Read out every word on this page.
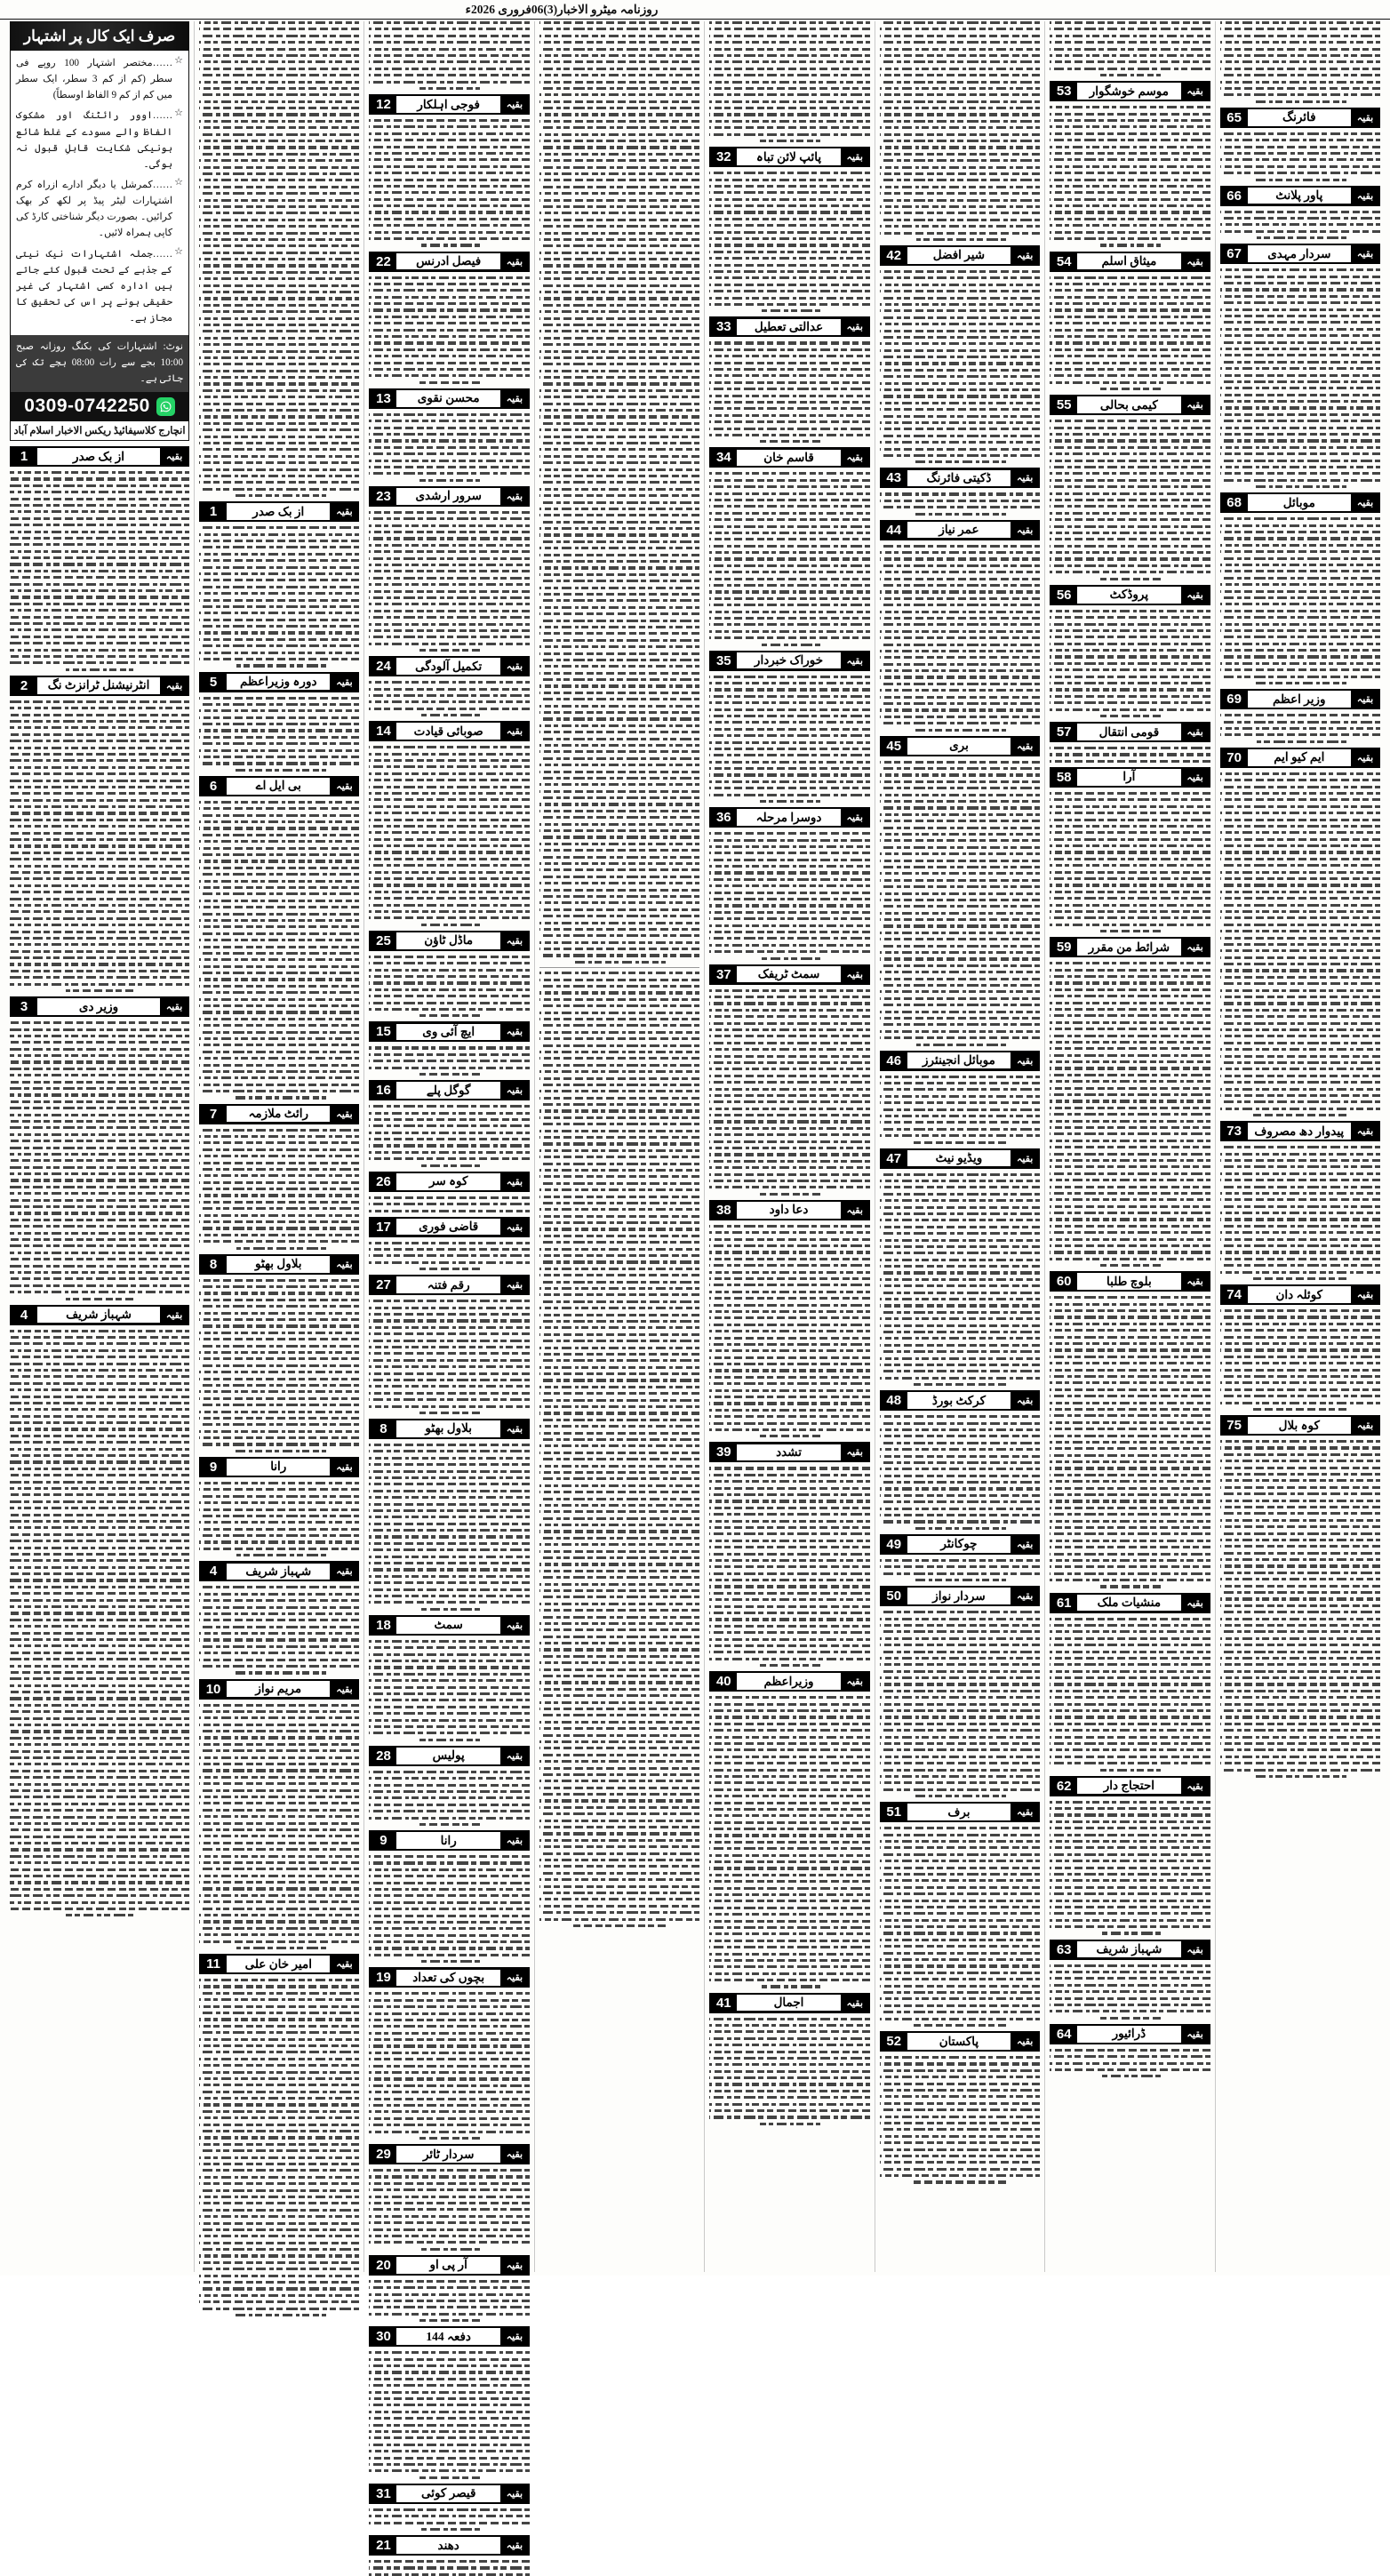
روزنامہ میٹرو الاخبار(3)06فروری 2026ء
بقیہ
فائرنگ
65
بقیہ
پاور پلانٹ
66
بقیہ
سردار مہدی
67
بقیہ
موبائل
68
بقیہ
وزیر اعظم
69
بقیہ
ایم کیو ایم
70
بقیہ
پیدوار دھ مصروف
73
بقیہ
کوئلہ دان
74
بقیہ
کوہ بلال
75
بقیہ
موسم خوشگوار
53
بقیہ
میثاق اسلم
54
بقیہ
کیمی بحالی
55
بقیہ
پروڈکٹ
56
بقیہ
قومی انتقال
57
بقیہ
آرا
58
بقیہ
شرائط من مقرر
59
بقیہ
بلوچ طلبا
60
بقیہ
منشیات ملک
61
بقیہ
احتجاج دار
62
بقیہ
شہباز شریف
63
بقیہ
ڈرائیور
64
بقیہ
شیر افضل
42
بقیہ
ڈکیتی فائرنگ
43
بقیہ
عمر نیاز
44
بقیہ
بری
45
بقیہ
موبائل انجینئرز
46
بقیہ
ویڈیو نیٹ
47
بقیہ
کرکٹ بورڈ
48
بقیہ
چوکانٹر
49
بقیہ
سردار نواز
50
بقیہ
برف
51
بقیہ
پاکستان
52
بقیہ
پائپ لائن تباہ
32
بقیہ
عدالتی تعطیل
33
بقیہ
قاسم خان
34
بقیہ
خوراک خبردار
35
بقیہ
دوسرا مرحلہ
36
بقیہ
سمٹ ٹریفک
37
بقیہ
دعا داود
38
بقیہ
تشدد
39
بقیہ
وزیراعظم
40
بقیہ
اجمال
41
بقیہ
فوجی اہلکار
12
بقیہ
فیصل ادرنس
22
بقیہ
محسن نقوی
13
بقیہ
سرور ارشدی
23
بقیہ
تکمیل آلودگی
24
بقیہ
صوبائی قیادت
14
بقیہ
ماڈل ٹاؤن
25
بقیہ
ایچ آئی وی
15
بقیہ
گوگل پلے
16
بقیہ
کوہ سر
26
بقیہ
قاضی فوری
17
بقیہ
رقم فتنہ
27
بقیہ
بلاول بھٹو
8
بقیہ
سمٹ
18
بقیہ
پولیس
28
بقیہ
رانا
9
بقیہ
بچوں کی تعداد
19
بقیہ
سردار ٹائر
29
بقیہ
آر پی او
20
بقیہ
دفعہ 144
30
بقیہ
قیصر کوئی
31
بقیہ
دھند
21
بقیہ
از بک صدر
1
بقیہ
دورہ وزیراعظم
5
بقیہ
بی ایل اے
6
بقیہ
رائٹ ملازمہ
7
بقیہ
بلاول بھٹو
8
بقیہ
رانا
9
بقیہ
شہباز شریف
4
بقیہ
مریم نواز
10
بقیہ
امیر خان علی
11
صرف ایک کال پر اشتہار
☆
……مختصر اشتہار 100 روپے فی سطر (کم از کم 3 سطر، ایک سطر میں کم از کم 9 الفاظ اوسطاً)
☆
……اوور رائٹنگ اور مشکوک الفاظ والے مسودے کے غلط شائع ہونیکی شکایت قابلِ قبول نہ ہوگی۔
☆
……کمرشل یا دیگر ادارے ازراہ کرم اشتہارات لیٹر پیڈ پر لکھ کر بھک کرائیں۔ بصورت دیگر شناختی کارڈ کی کاپی ہمراہ لائیں۔
☆
……جملہ اشتہارات نیک نیتی کے جذبے کے تحت قبول کئے جاتے ہیں ادارہ کسی اشتہار کی غیر حقیقی ہونے پر اس کی تحقیق کا مجاز ہے۔
نوٹ: اشتہارات کی بکنگ روزانہ صبح 10:00 بجے سے رات 08:00 بجے تک کی جاتی ہے۔
0309-0742250
انچارج کلاسیفائیڈ ریکس الاخبار اسلام آباد
بقیہ
از بک صدر
1
بقیہ
انٹرنیشنل ٹرانزٹ نگ
2
بقیہ
وزیر دی
3
بقیہ
شہباز شریف
4
